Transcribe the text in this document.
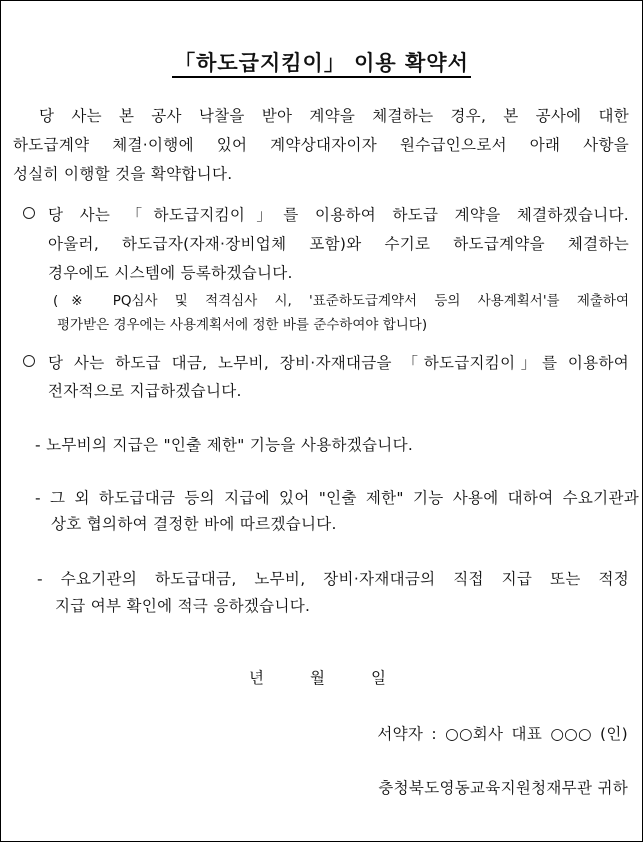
「하도급지킴이」 이용 확약서
당 사는 본 공사 낙찰을 받아 계약을 체결하는 경우, 본 공사에 대한
하도급계약 체결·이행에 있어 계약상대자이자 원수급인으로서 아래 사항을
성실히 이행할 것을 확약합니다.
당 사는 「하도급지킴이」를 이용하여 하도급 계약을 체결하겠습니다.
아울러, 하도급자(자재·장비업체 포함)와 수기로 하도급계약을 체결하는
경우에도 시스템에 등록하겠습니다.
(※ PQ심사 및 적격심사 시, '표준하도급계약서 등의 사용계획서'를 제출하여
평가받은 경우에는 사용계획서에 정한 바를 준수하여야 합니다)
당 사는 하도급 대금, 노무비, 장비·자재대금을 「하도급지킴이」를 이용하여
전자적으로 지급하겠습니다.
- 노무비의 지급은 "인출 제한" 기능을 사용하겠습니다.
- 그 외 하도급대금 등의 지급에 있어 "인출 제한" 기능 사용에 대하여 수요기관과
상호 협의하여 결정한 바에 따르겠습니다.
- 수요기관의 하도급대금, 노무비, 장비·자재대금의 직접 지급 또는 적정
지급 여부 확인에 적극 응하겠습니다.
년	월	일
서약자 : ○○회사 대표 ○○○ (인)
충청북도영동교육지원청재무관 귀하
